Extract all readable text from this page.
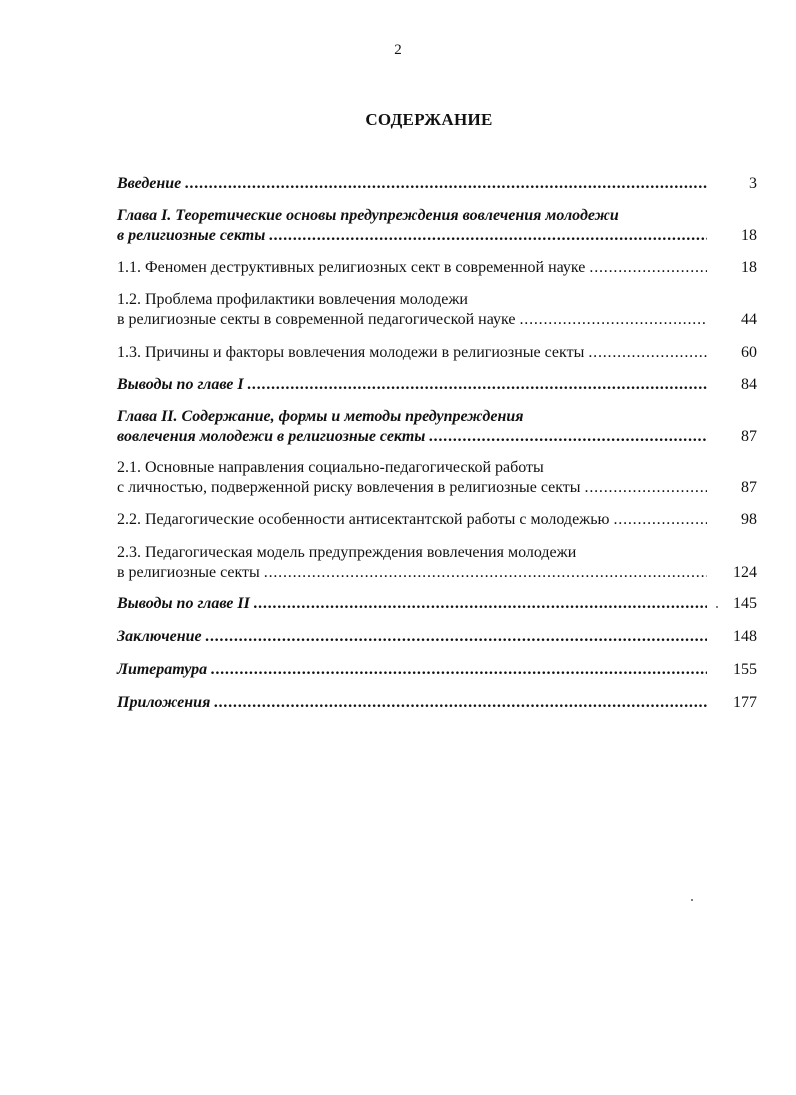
2
СОДЕРЖАНИЕ
Введение . . .	3
Глава I. Теоретические основы предупреждения вовлечения молодежи
в религиозные секты . . .	18
1.1. Феномен деструктивных религиозных сект в современной науке . . .	18
1.2. Проблема профилактики вовлечения молодежи
в религиозные секты в современной педагогической науке . . .	44
1.3. Причины и факторы вовлечения молодежи в религиозные секты . . .	60
Выводы по главе I . . .	84
Глава II. Содержание, формы и методы предупреждения
вовлечения молодежи в религиозные секты . . .	87
2.1. Основные направления социально-педагогической работы
с личностью, подверженной риску вовлечения в религиозные секты . . .	87
2.2. Педагогические особенности антисектантской работы с молодежью . . .	98
2.3. Педагогическая модель предупреждения вовлечения молодежи
в религиозные секты . . .	124
Выводы по главе II . . .	145
Заключение . . .	148
Литература . . .	155
Приложения . . .	177
